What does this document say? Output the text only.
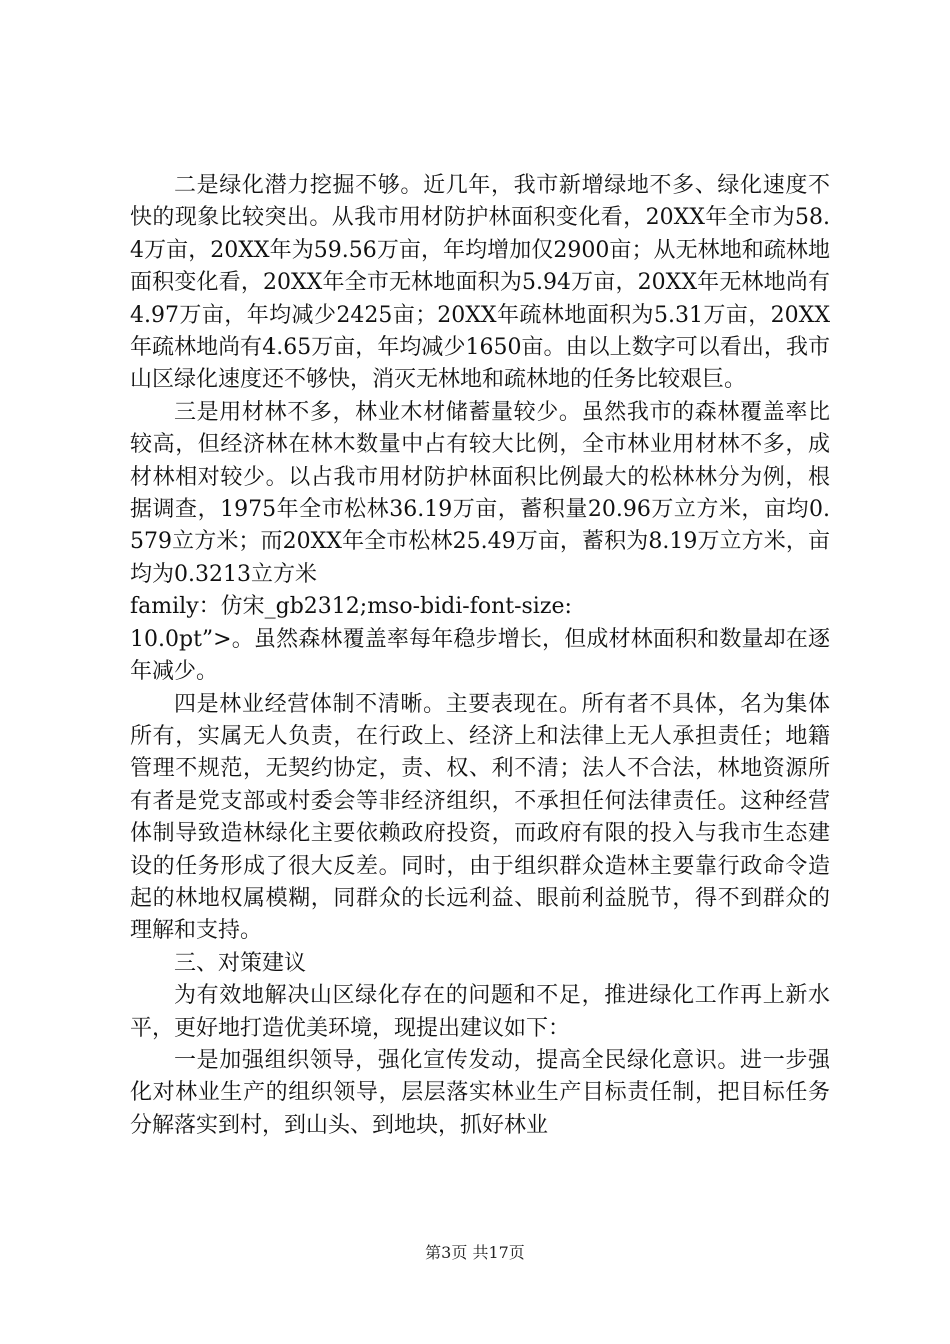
二是绿化潜力挖掘不够。近几年，我市新增绿地不多、绿化速度不快的现象比较突出。从我市用材防护林面积变化看，20XX年全市为58.4万亩，20XX年为59.56万亩，年均增加仅2900亩；从无林地和疏林地面积变化看，20XX年全市无林地面积为5.94万亩，20XX年无林地尚有4.97万亩，年均减少2425亩；20XX年疏林地面积为5.31万亩，20XX年疏林地尚有4.65万亩，年均减少1650亩。由以上数字可以看出，我市山区绿化速度还不够快，消灭无林地和疏林地的任务比较艰巨。

三是用材林不多，林业木材储蓄量较少。虽然我市的森林覆盖率比较高，但经济林在林木数量中占有较大比例，全市林业用材林不多，成材林相对较少。以占我市用材防护林面积比例最大的松林林分为例，根据调查，1975年全市松林36.19万亩，蓄积量20.96万立方米，亩均0.579立方米；而20XX年全市松林25.49万亩，蓄积为8.19万立方米，亩均为0.3213立方米

family：仿宋_gb2312;mso-bidi-font-size:

10.0pt”>。虽然森林覆盖率每年稳步增长，但成材林面积和数量却在逐年减少。

四是林业经营体制不清晰。主要表现在。所有者不具体，名为集体所有，实属无人负责，在行政上、经济上和法律上无人承担责任；地籍管理不规范，无契约协定，责、权、利不清；法人不合法，林地资源所有者是党支部或村委会等非经济组织，不承担任何法律责任。这种经营体制导致造林绿化主要依赖政府投资，而政府有限的投入与我市生态建设的任务形成了很大反差。同时，由于组织群众造林主要靠行政命令造起的林地权属模糊，同群众的长远利益、眼前利益脱节，得不到群众的理解和支持。

三、对策建议

为有效地解决山区绿化存在的问题和不足，推进绿化工作再上新水平，更好地打造优美环境，现提出建议如下：

一是加强组织领导，强化宣传发动，提高全民绿化意识。进一步强化对林业生产的组织领导，层层落实林业生产目标责任制，把目标任务分解落实到村，到山头、到地块，抓好林业

第3页 共17页
